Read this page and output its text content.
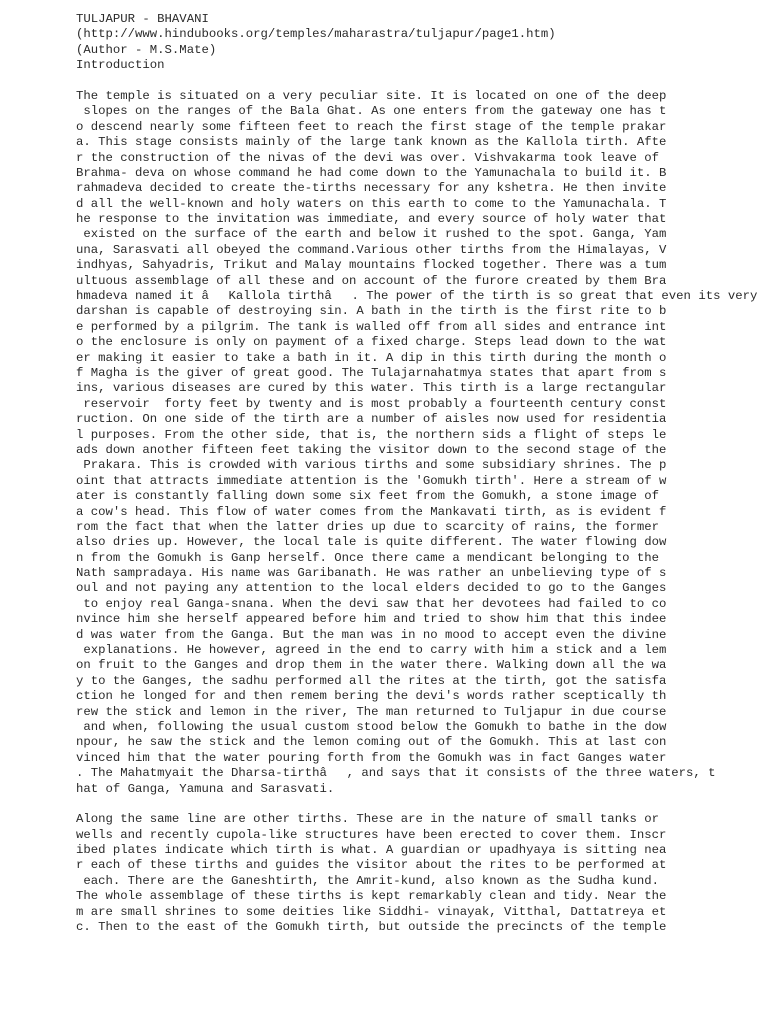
TULJAPUR - BHAVANI
(http://www.hindubooks.org/temples/maharastra/tuljapur/page1.htm)
(Author - M.S.Mate)
Introduction
The temple is situated on a very peculiar site. It is located on one of the deep
slopes on the ranges of the Bala Ghat. As one enters from the gateway one has t
o descend nearly some fifteen feet to reach the first stage of the temple prakar
a. This stage consists mainly of the large tank known as the Kallola tirth. Afte
r the construction of the nivas of the devi was over. Vishvakarma took leave of
Brahma- deva on whose command he had come down to the Yamunachala to build it. B
rahmadeva decided to create the-tirths necessary for any kshetra. He then invite
d all the well-known and holy waters on this earth to come to the Yamunachala. T
he response to the invitation was immediate, and every source of holy water that
existed on the surface of the earth and below it rushed to the spot. Ganga, Yam
una, Sarasvati all obeyed the command.Various other tirths from the Himalayas, V
indhyas, Sahyadris, Trikut and Malay mountains flocked together. There was a tum
ultuous assemblage of all these and on account of the furore created by them Bra
hmadeva named it âKallola tirthâ. The power of the tirth is so great that even its very
darshan is capable of destroying sin. A bath in the tirth is the first rite to b
e performed by a pilgrim. The tank is walled off from all sides and entrance int
o the enclosure is only on payment of a fixed charge. Steps lead down to the wat
er making it easier to take a bath in it. A dip in this tirth during the month o
f Magha is the giver of great good. The Tulajarnahatmya states that apart from s
ins, various diseases are cured by this water. This tirth is a large rectangular
reservoir  forty feet by twenty and is most probably a fourteenth century const
ruction. On one side of the tirth are a number of aisles now used for residentia
l purposes. From the other side, that is, the northern sids a flight of steps le
ads down another fifteen feet taking the visitor down to the second stage of the
Prakara. This is crowded with various tirths and some subsidiary shrines. The p
oint that attracts immediate attention is the 'Gomukh tirth'. Here a stream of w
ater is constantly falling down some six feet from the Gomukh, a stone image of
a cow's head. This flow of water comes from the Mankavati tirth, as is evident f
rom the fact that when the latter dries up due to scarcity of rains, the former
also dries up. However, the local tale is quite different. The water flowing dow
n from the Gomukh is Ganp herself. Once there came a mendicant belonging to the
Nath sampradaya. His name was Garibanath. He was rather an unbelieving type of s
oul and not paying any attention to the local elders decided to go to the Ganges
to enjoy real Ganga-snana. When the devi saw that her devotees had failed to co
nvince him she herself appeared before him and tried to show him that this indee
d was water from the Ganga. But the man was in no mood to accept even the divine
explanations. He however, agreed in the end to carry with him a stick and a lem
on fruit to the Ganges and drop them in the water there. Walking down all the wa
y to the Ganges, the sadhu performed all the rites at the tirth, got the satisfa
ction he longed for and then remem bering the devi's words rather sceptically th
rew the stick and lemon in the river, The man returned to Tuljapur in due course
and when, following the usual custom stood below the Gomukh to bathe in the dow
npour, he saw the stick and the lemon coming out of the Gomukh. This at last con
vinced him that the water pouring forth from the Gomukh was in fact Ganges water
. The Mahatmyait the Dharsa-tirthâ, and says that it consists of the three waters, t
hat of Ganga, Yamuna and Sarasvati.
Along the same line are other tirths. These are in the nature of small tanks or
wells and recently cupola-like structures have been erected to cover them. Inscr
ibed plates indicate which tirth is what. A guardian or upadhyaya is sitting nea
r each of these tirths and guides the visitor about the rites to be performed at
each. There are the Ganeshtirth, the Amrit-kund, also known as the Sudha kund.
The whole assemblage of these tirths is kept remarkably clean and tidy. Near the
m are small shrines to some deities like Siddhi- vinayak, Vitthal, Dattatreya et
c. Then to the east of the Gomukh tirth, but outside the precincts of the temple
